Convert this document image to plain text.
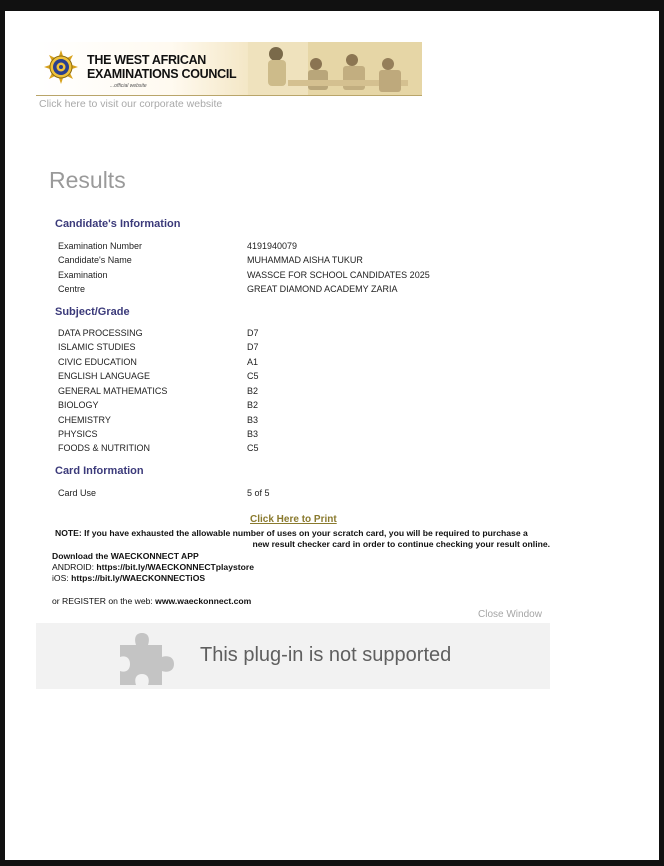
THE WEST AFRICAN EXAMINATIONS COUNCIL
...official website
Click here to visit our corporate website
Results
Candidate's Information
Examination Number	4191940079
Candidate's Name	MUHAMMAD AISHA TUKUR
Examination	WASSCE FOR SCHOOL CANDIDATES 2025
Centre	GREAT DIAMOND ACADEMY ZARIA
Subject/Grade
DATA PROCESSING	D7
ISLAMIC STUDIES	D7
CIVIC EDUCATION	A1
ENGLISH LANGUAGE	C5
GENERAL MATHEMATICS	B2
BIOLOGY	B2
CHEMISTRY	B3
PHYSICS	B3
FOODS & NUTRITION	C5
Card Information
Card Use	5 of 5
Click Here to Print
NOTE: If you have exhausted the allowable number of uses on your scratch card, you will be required to purchase a
new result checker card in order to continue checking your result online.
Download the WAECKONNECT APP
ANDROID: https://bit.ly/WAECKONNECTplaystore
iOS: https://bit.ly/WAECKONNECTiOS
or REGISTER on the web: www.waeckonnect.com
Close Window
This plug-in is not supported
